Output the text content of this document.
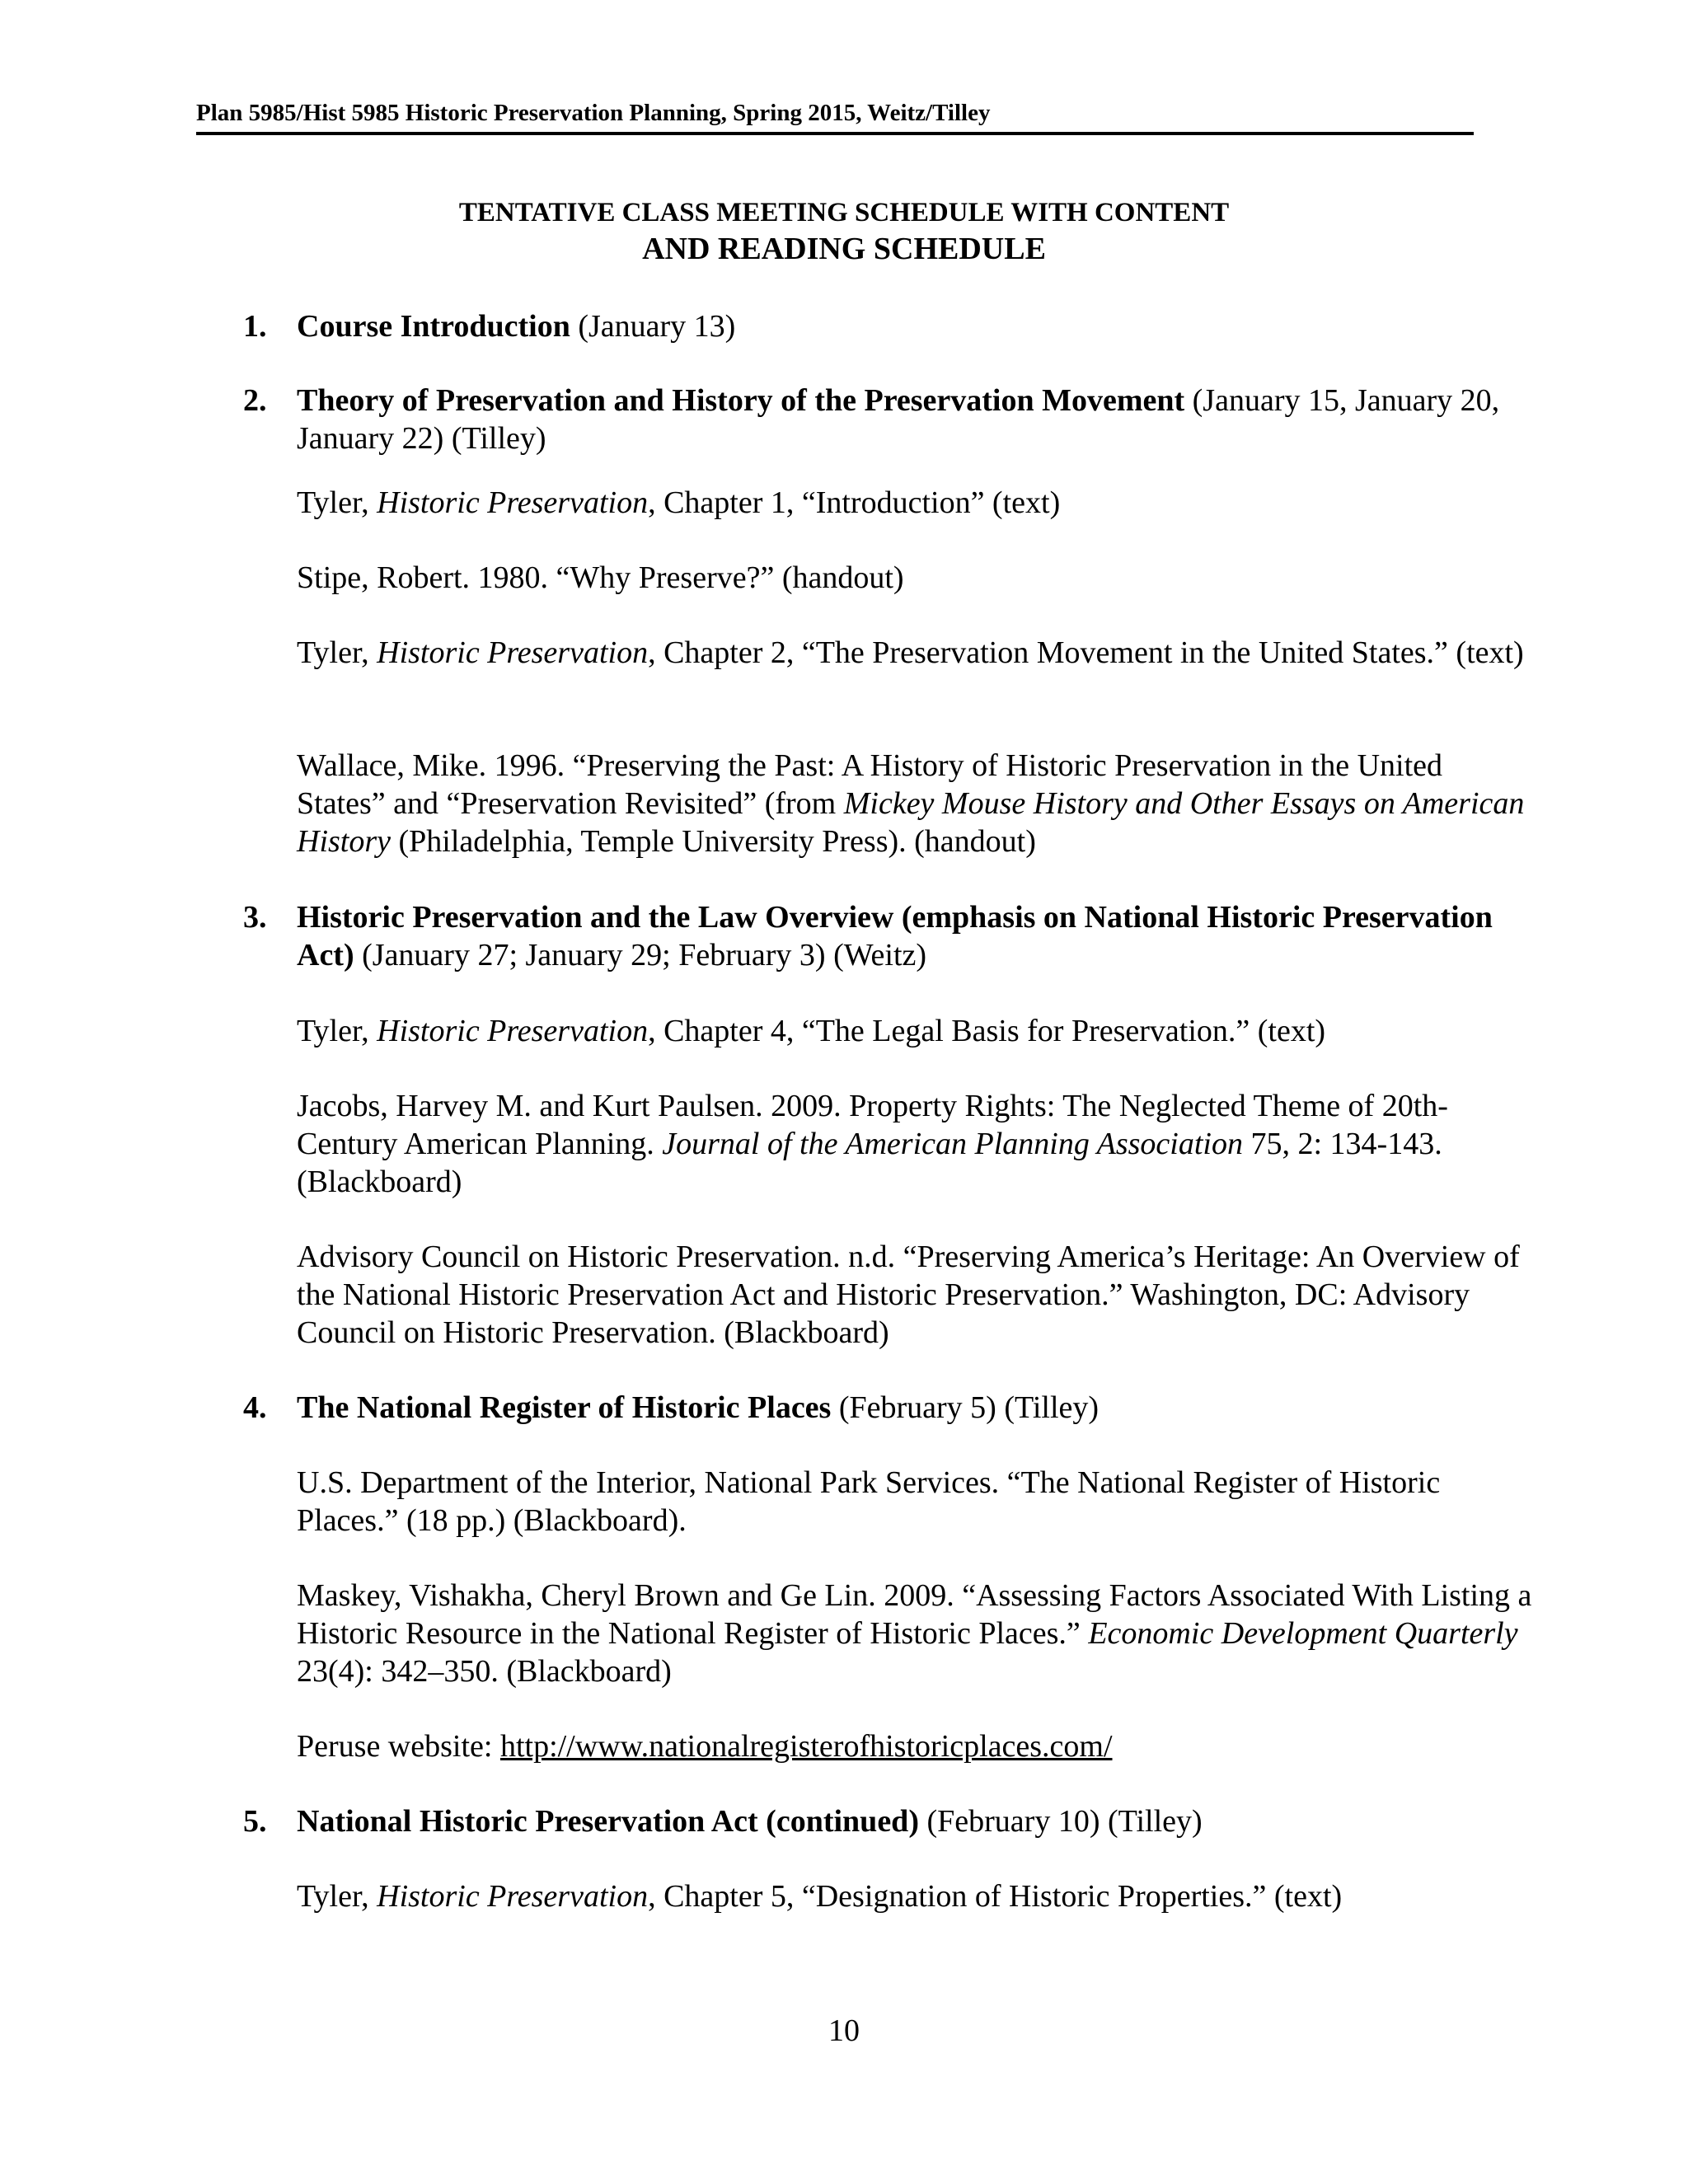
Plan 5985/Hist 5985 Historic Preservation Planning, Spring 2015, Weitz/Tilley
TENTATIVE CLASS MEETING SCHEDULE WITH CONTENT
AND READING SCHEDULE
1. Course Introduction (January 13)
2. Theory of Preservation and History of the Preservation Movement (January 15, January 20, January 22) (Tilley)
Tyler, Historic Preservation, Chapter 1, “Introduction” (text)
Stipe, Robert. 1980. “Why Preserve?” (handout)
Tyler, Historic Preservation, Chapter 2, “The Preservation Movement in the United States.” (text)
Wallace, Mike. 1996. “Preserving the Past: A History of Historic Preservation in the United States” and “Preservation Revisited” (from Mickey Mouse History and Other Essays on American History (Philadelphia, Temple University Press). (handout)
3. Historic Preservation and the Law Overview (emphasis on National Historic Preservation Act) (January 27; January 29; February 3) (Weitz)
Tyler, Historic Preservation, Chapter 4, “The Legal Basis for Preservation.” (text)
Jacobs, Harvey M. and Kurt Paulsen. 2009. Property Rights: The Neglected Theme of 20th-Century American Planning. Journal of the American Planning Association 75, 2: 134-143. (Blackboard)
Advisory Council on Historic Preservation. n.d. “Preserving America’s Heritage: An Overview of the National Historic Preservation Act and Historic Preservation.” Washington, DC: Advisory Council on Historic Preservation. (Blackboard)
4. The National Register of Historic Places (February 5) (Tilley)
U.S. Department of the Interior, National Park Services. “The National Register of Historic Places.” (18 pp.) (Blackboard).
Maskey, Vishakha, Cheryl Brown and Ge Lin. 2009. “Assessing Factors Associated With Listing a Historic Resource in the National Register of Historic Places.” Economic Development Quarterly 23(4): 342–350. (Blackboard)
Peruse website: http://www.nationalregisterofhistoricplaces.com/
5. National Historic Preservation Act (continued) (February 10) (Tilley)
Tyler, Historic Preservation, Chapter 5, “Designation of Historic Properties.” (text)
10
